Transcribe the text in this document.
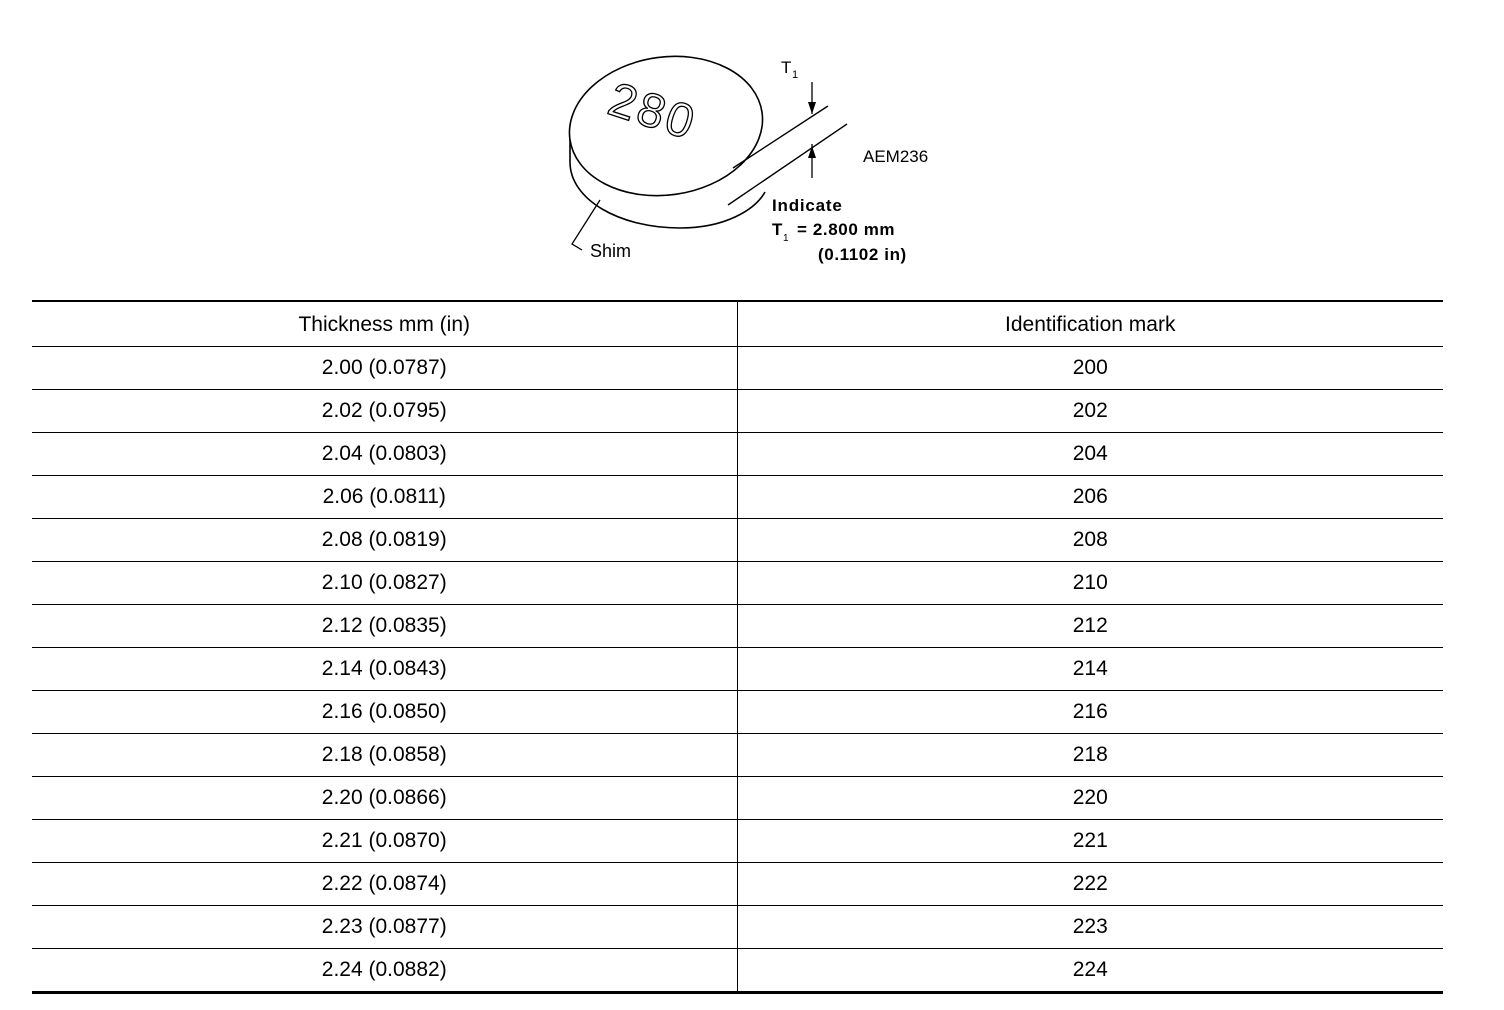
280
T 1
AEM236
Shim
Indicate
T 1 = 2.800 mm
(0.1102 in)
Thickness mm (in)	Identification mark
2.00 (0.0787)	200
2.02 (0.0795)	202
2.04 (0.0803)	204
2.06 (0.0811)	206
2.08 (0.0819)	208
2.10 (0.0827)	210
2.12 (0.0835)	212
2.14 (0.0843)	214
2.16 (0.0850)	216
2.18 (0.0858)	218
2.20 (0.0866)	220
2.21 (0.0870)	221
2.22 (0.0874)	222
2.23 (0.0877)	223
2.24 (0.0882)	224
